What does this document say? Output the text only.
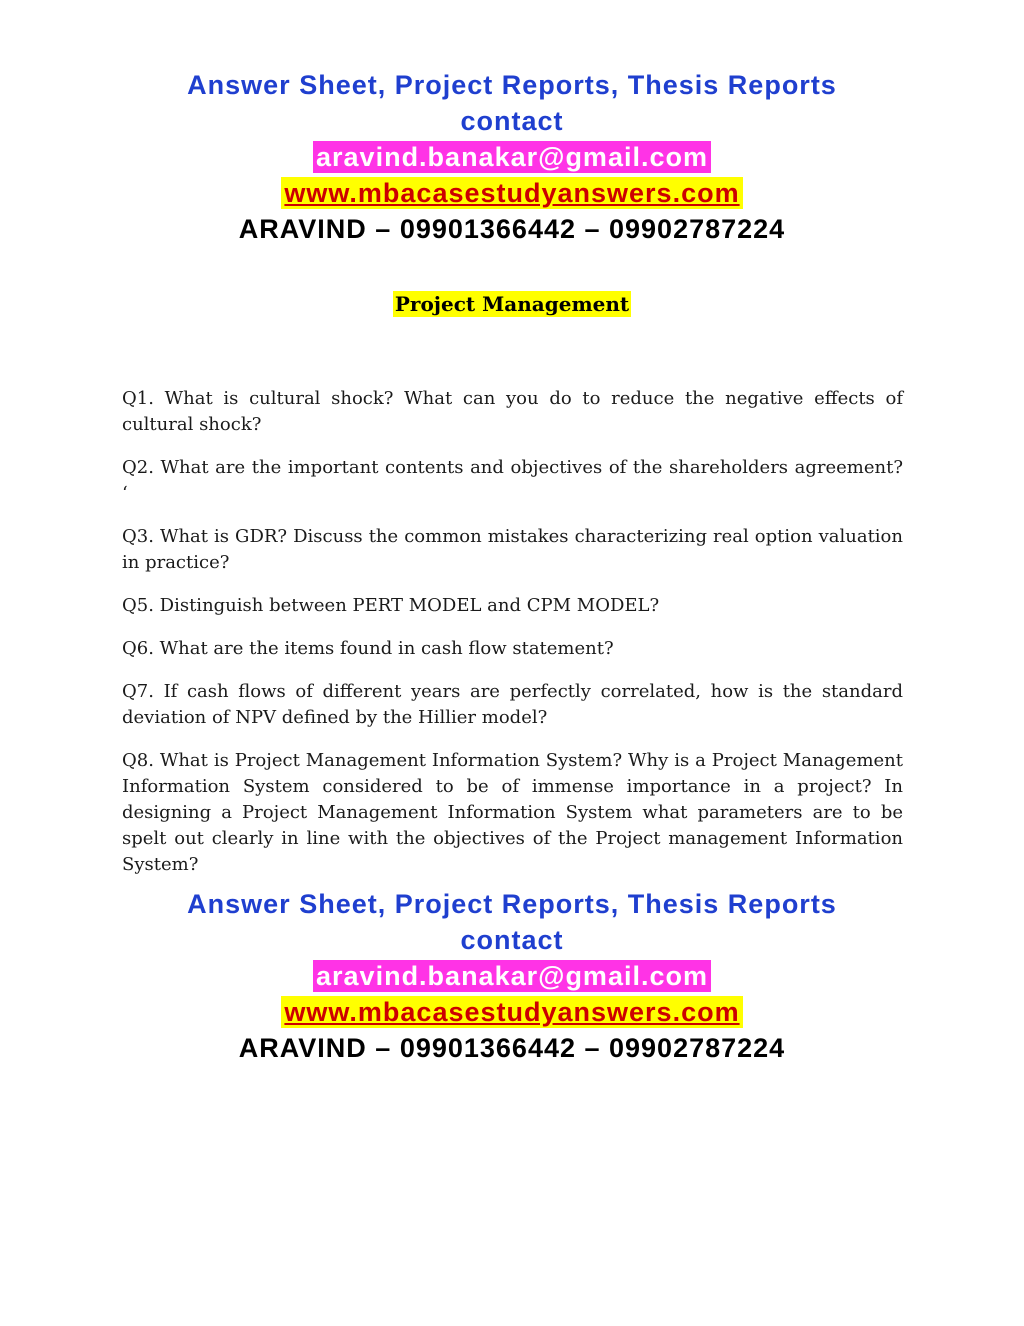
Answer Sheet, Project Reports, Thesis Reports
contact
aravind.banakar@gmail.com
www.mbacasestudyanswers.com
ARAVIND – 09901366442 – 09902787224
Project Management

Q1. What is cultural shock? What can you do to reduce the negative effects of cultural shock?

Q2. What are the important contents and objectives of the shareholders agreement? ‘

Q3. What is GDR? Discuss the common mistakes characterizing real option valuation in practice?

Q5. Distinguish between PERT MODEL and CPM MODEL?

Q6. What are the items found in cash flow statement?

Q7. If cash flows of different years are perfectly correlated, how is the standard deviation of NPV defined by the Hillier model?

Q8. What is Project Management Information System? Why is a Project Management Information System considered to be of immense importance in a project? In designing a Project Management Information System what parameters are to be spelt out clearly in line with the objectives of the Project management Information System?

Answer Sheet, Project Reports, Thesis Reports
contact
aravind.banakar@gmail.com
www.mbacasestudyanswers.com
ARAVIND – 09901366442 – 09902787224
